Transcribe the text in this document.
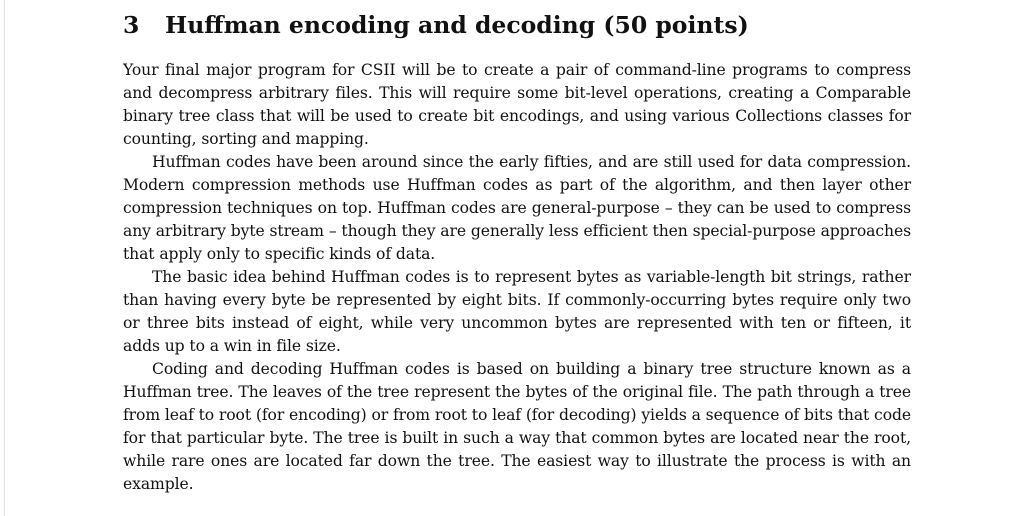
3 Huffman encoding and decoding (50 points)

Your final major program for CSII will be to create a pair of command-line programs to compress and decompress arbitrary files. This will require some bit-level operations, creating a Comparable binary tree class that will be used to create bit encodings, and using various Collections classes for counting, sorting and mapping.

Huffman codes have been around since the early fifties, and are still used for data compression. Modern compression methods use Huffman codes as part of the algorithm, and then layer other compression techniques on top. Huffman codes are general-purpose – they can be used to compress any arbitrary byte stream – though they are generally less efficient then special-purpose approaches that apply only to specific kinds of data.

The basic idea behind Huffman codes is to represent bytes as variable-length bit strings, rather than having every byte be represented by eight bits. If commonly-occurring bytes require only two or three bits instead of eight, while very uncommon bytes are represented with ten or fifteen, it adds up to a win in file size.

Coding and decoding Huffman codes is based on building a binary tree structure known as a Huffman tree. The leaves of the tree represent the bytes of the original file. The path through a tree from leaf to root (for encoding) or from root to leaf (for decoding) yields a sequence of bits that code for that particular byte. The tree is built in such a way that common bytes are located near the root, while rare ones are located far down the tree. The easiest way to illustrate the process is with an example.
